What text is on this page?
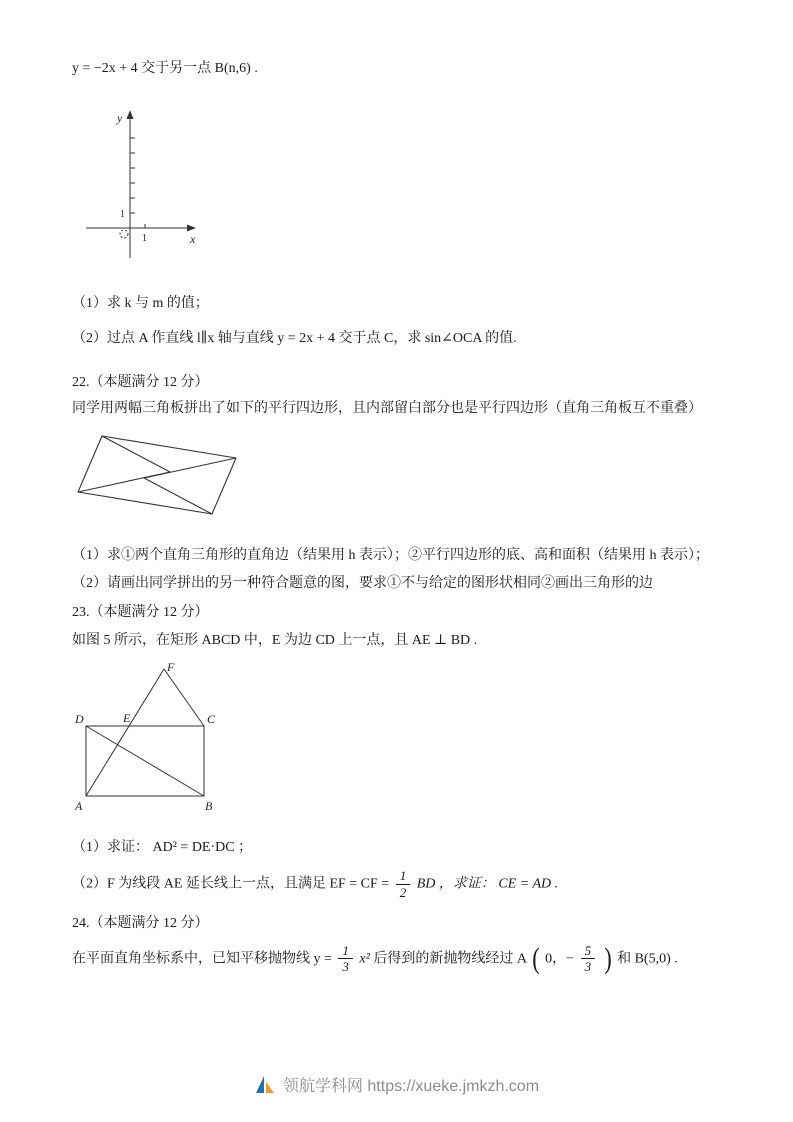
y = −2x + 4 交于另一点 B(n,6) .

y
x
1
1

（1）求 k 与 m 的值；

（2）过点 A 作直线 l∥x 轴与直线 y = 2x + 4 交于点 C，求 sin∠OCA 的值.

22.（本题满分 12 分）

同学用两幅三角板拼出了如下的平行四边形，且内部留白部分也是平行四边形（直角三角板互不重叠）

（1）求①两个直角三角形的直角边（结果用 h 表示）；②平行四边形的底、高和面积（结果用 h 表示）；

（2）请画出同学拼出的另一种符合题意的图，要求①不与给定的图形状相同②画出三角形的边

23.（本题满分 12 分）

如图 5 所示，在矩形 ABCD 中，E 为边 CD 上一点，且 AE ⊥ BD .

F
D	E	C
A	B

（1）求证： AD² = DE·DC ；

（2）F 为线段 AE 延长线上一点，且满足 EF = CF = $\frac{1}{2}$ BD ，求证： CE = AD .

24.（本题满分 12 分）

在平面直角坐标系中，已知平移抛物线 $y = \frac{1}{3} x^2$ 后得到的新抛物线经过 A ( 0，− $\frac{5}{3}$ ) 和 B(5,0) .

领航学科网 https://xueke.jmkzh.com
